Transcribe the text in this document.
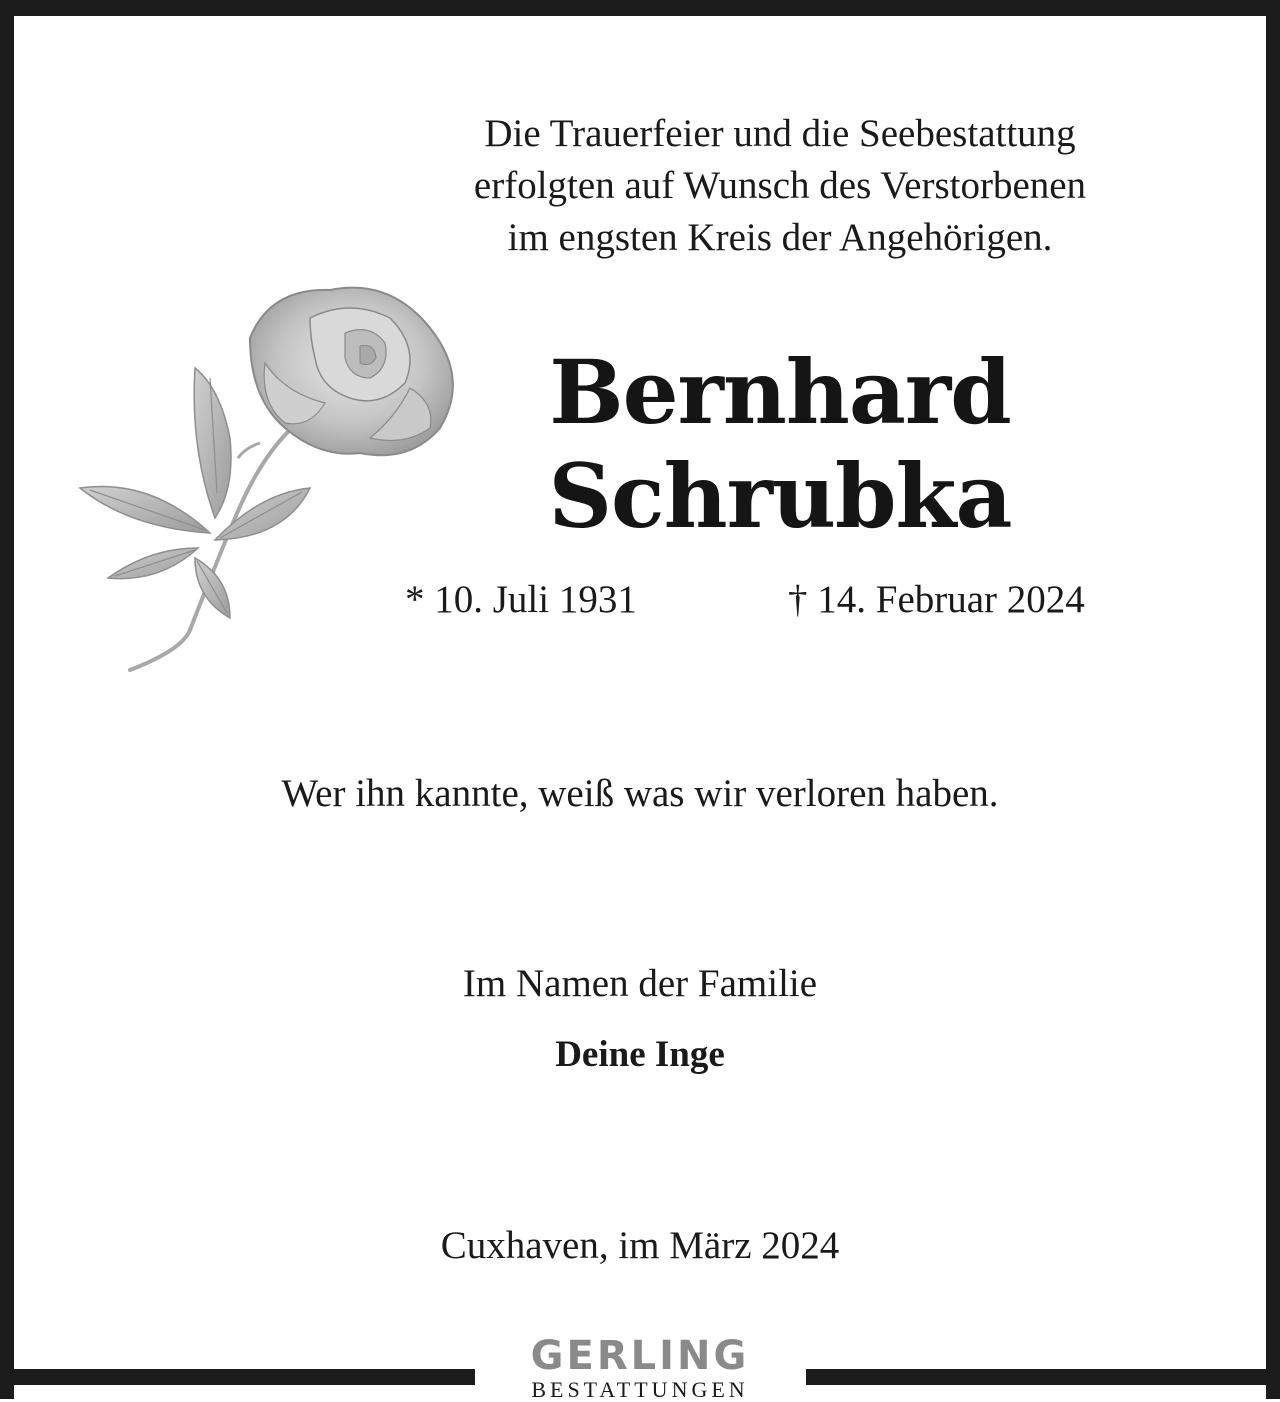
Die Trauerfeier und die Seebestattung
erfolgten auf Wunsch des Verstorbenen
im engsten Kreis der Angehörigen.
Bernhard
Schrubka
* 10. Juli 1931	† 14. Februar 2024
Wer ihn kannte, weiß was wir verloren haben.
Im Namen der Familie
Deine Inge
Cuxhaven, im März 2024
GERLING
BESTATTUNGEN
